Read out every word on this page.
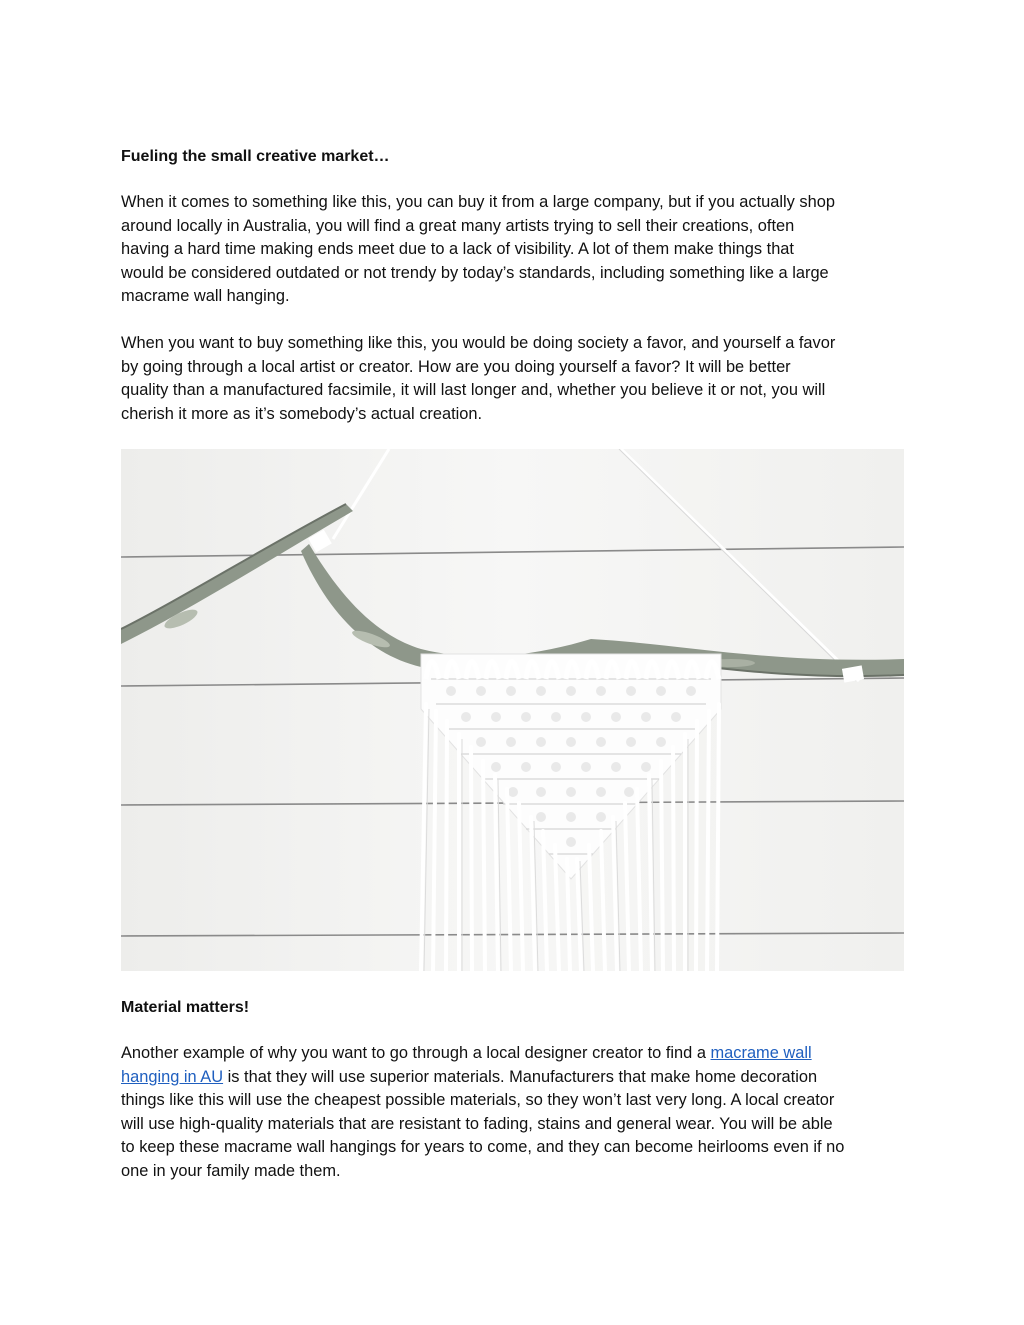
Fueling the small creative market…
When it comes to something like this, you can buy it from a large company, but if you actually shop
around locally in Australia, you will find a great many artists trying to sell their creations, often
having a hard time making ends meet due to a lack of visibility. A lot of them make things that
would be considered outdated or not trendy by today’s standards, including something like a large
macrame wall hanging.
When you want to buy something like this, you would be doing society a favor, and yourself a favor
by going through a local artist or creator. How are you doing yourself a favor? It will be better
quality than a manufactured facsimile, it will last longer and, whether you believe it or not, you will
cherish it more as it’s somebody’s actual creation.
Material matters!
Another example of why you want to go through a local designer creator to find a macrame wall
hanging in AU is that they will use superior materials. Manufacturers that make home decoration
things like this will use the cheapest possible materials, so they won’t last very long. A local creator
will use high-quality materials that are resistant to fading, stains and general wear. You will be able
to keep these macrame wall hangings for years to come, and they can become heirlooms even if no
one in your family made them.
